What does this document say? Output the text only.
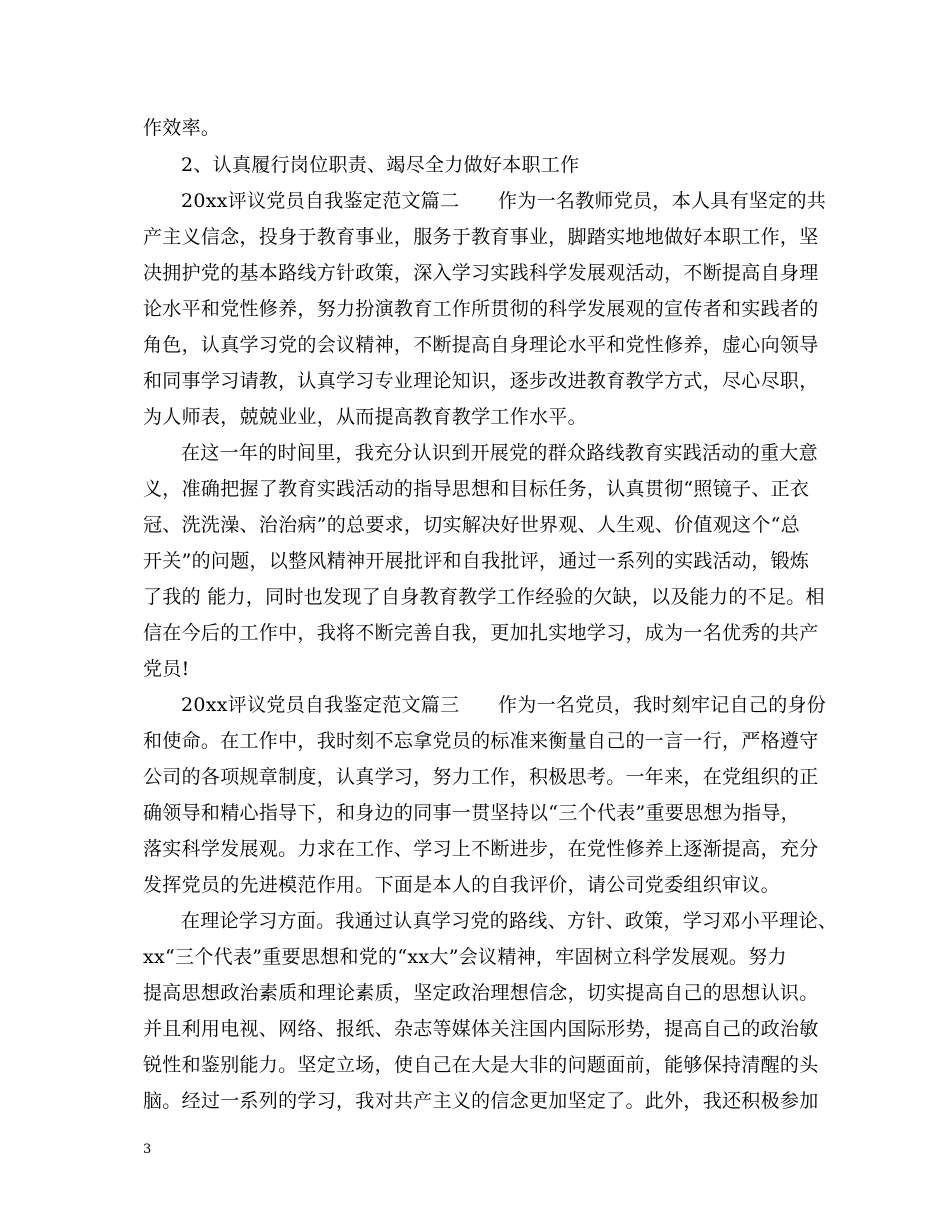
作效率。
2、认真履行岗位职责、竭尽全力做好本职工作
20xx评议党员自我鉴定范文篇二　　作为一名教师党员，本人具有坚定的共
产主义信念，投身于教育事业，服务于教育事业，脚踏实地地做好本职工作，坚
决拥护党的基本路线方针政策，深入学习实践科学发展观活动，不断提高自身理
论水平和党性修养，努力扮演教育工作所贯彻的科学发展观的宣传者和实践者的
角色，认真学习党的会议精神，不断提高自身理论水平和党性修养，虚心向领导
和同事学习请教，认真学习专业理论知识，逐步改进教育教学方式，尽心尽职，
为人师表，兢兢业业，从而提高教育教学工作水平。
在这一年的时间里，我充分认识到开展党的群众路线教育实践活动的重大意
义，准确把握了教育实践活动的指导思想和目标任务，认真贯彻“照镜子、正衣
冠、洗洗澡、治治病”的总要求，切实解决好世界观、人生观、价值观这个“总
开关”的问题，以整风精神开展批评和自我批评，通过一系列的实践活动，锻炼
了我的 能力，同时也发现了自身教育教学工作经验的欠缺，以及能力的不足。相
信在今后的工作中，我将不断完善自我，更加扎实地学习，成为一名优秀的共产
党员!
20xx评议党员自我鉴定范文篇三　　作为一名党员，我时刻牢记自己的身份
和使命。在工作中，我时刻不忘拿党员的标准来衡量自己的一言一行，严格遵守
公司的各项规章制度，认真学习，努力工作，积极思考。一年来，在党组织的正
确领导和精心指导下，和身边的同事一贯坚持以“三个代表”重要思想为指导，
落实科学发展观。力求在工作、学习上不断进步，在党性修养上逐渐提高，充分
发挥党员的先进模范作用。下面是本人的自我评价，请公司党委组织审议。
在理论学习方面。我通过认真学习党的路线、方针、政策，学习邓小平理论、
xx“三个代表”重要思想和党的“xx大”会议精神，牢固树立科学发展观。努力
提高思想政治素质和理论素质，坚定政治理想信念，切实提高自己的思想认识。
并且利用电视、网络、报纸、杂志等媒体关注国内国际形势，提高自己的政治敏
锐性和鉴别能力。坚定立场，使自己在大是大非的问题面前，能够保持清醒的头
脑。经过一系列的学习，我对共产主义的信念更加坚定了。此外，我还积极参加
3
